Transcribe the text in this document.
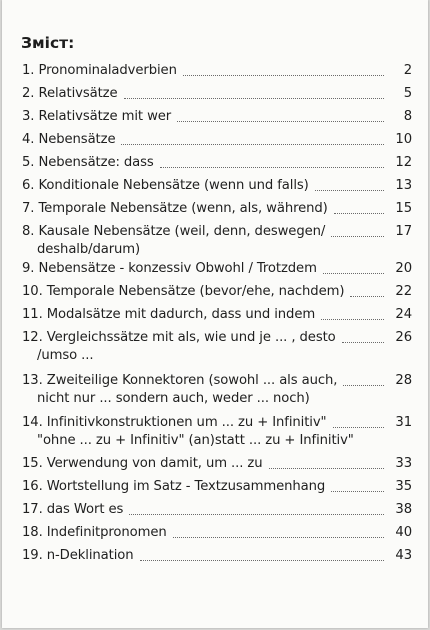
Зміст:
1. Pronominaladverbien	2
2. Relativsätze	5
3. Relativsätze mit wer	8
4. Nebensätze	10
5. Nebensätze: dass	12
6. Konditionale Nebensätze (wenn und falls)	13
7. Temporale Nebensätze (wenn, als, während)	15
8. Kausale Nebensätze (weil, denn, deswegen/	17
deshalb/darum)
9. Nebensätze - konzessiv Obwohl / Trotzdem	20
10. Temporale Nebensätze (bevor/ehe, nachdem)	22
11. Modalsätze mit dadurch, dass und indem	24
12. Vergleichssätze mit als, wie und je ... , desto	26
/umso ...
13. Zweiteilige Konnektoren (sowohl ... als auch,	28
nicht nur ... sondern auch, weder ... noch)
14. Infinitivkonstruktionen um ... zu + Infinitiv"	31
"ohne ... zu + Infinitiv" (an)statt ... zu + Infinitiv"
15. Verwendung von damit, um ... zu	33
16. Wortstellung im Satz - Textzusammenhang	35
17. das Wort es	38
18. Indefinitpronomen	40
19. n-Deklination	43
